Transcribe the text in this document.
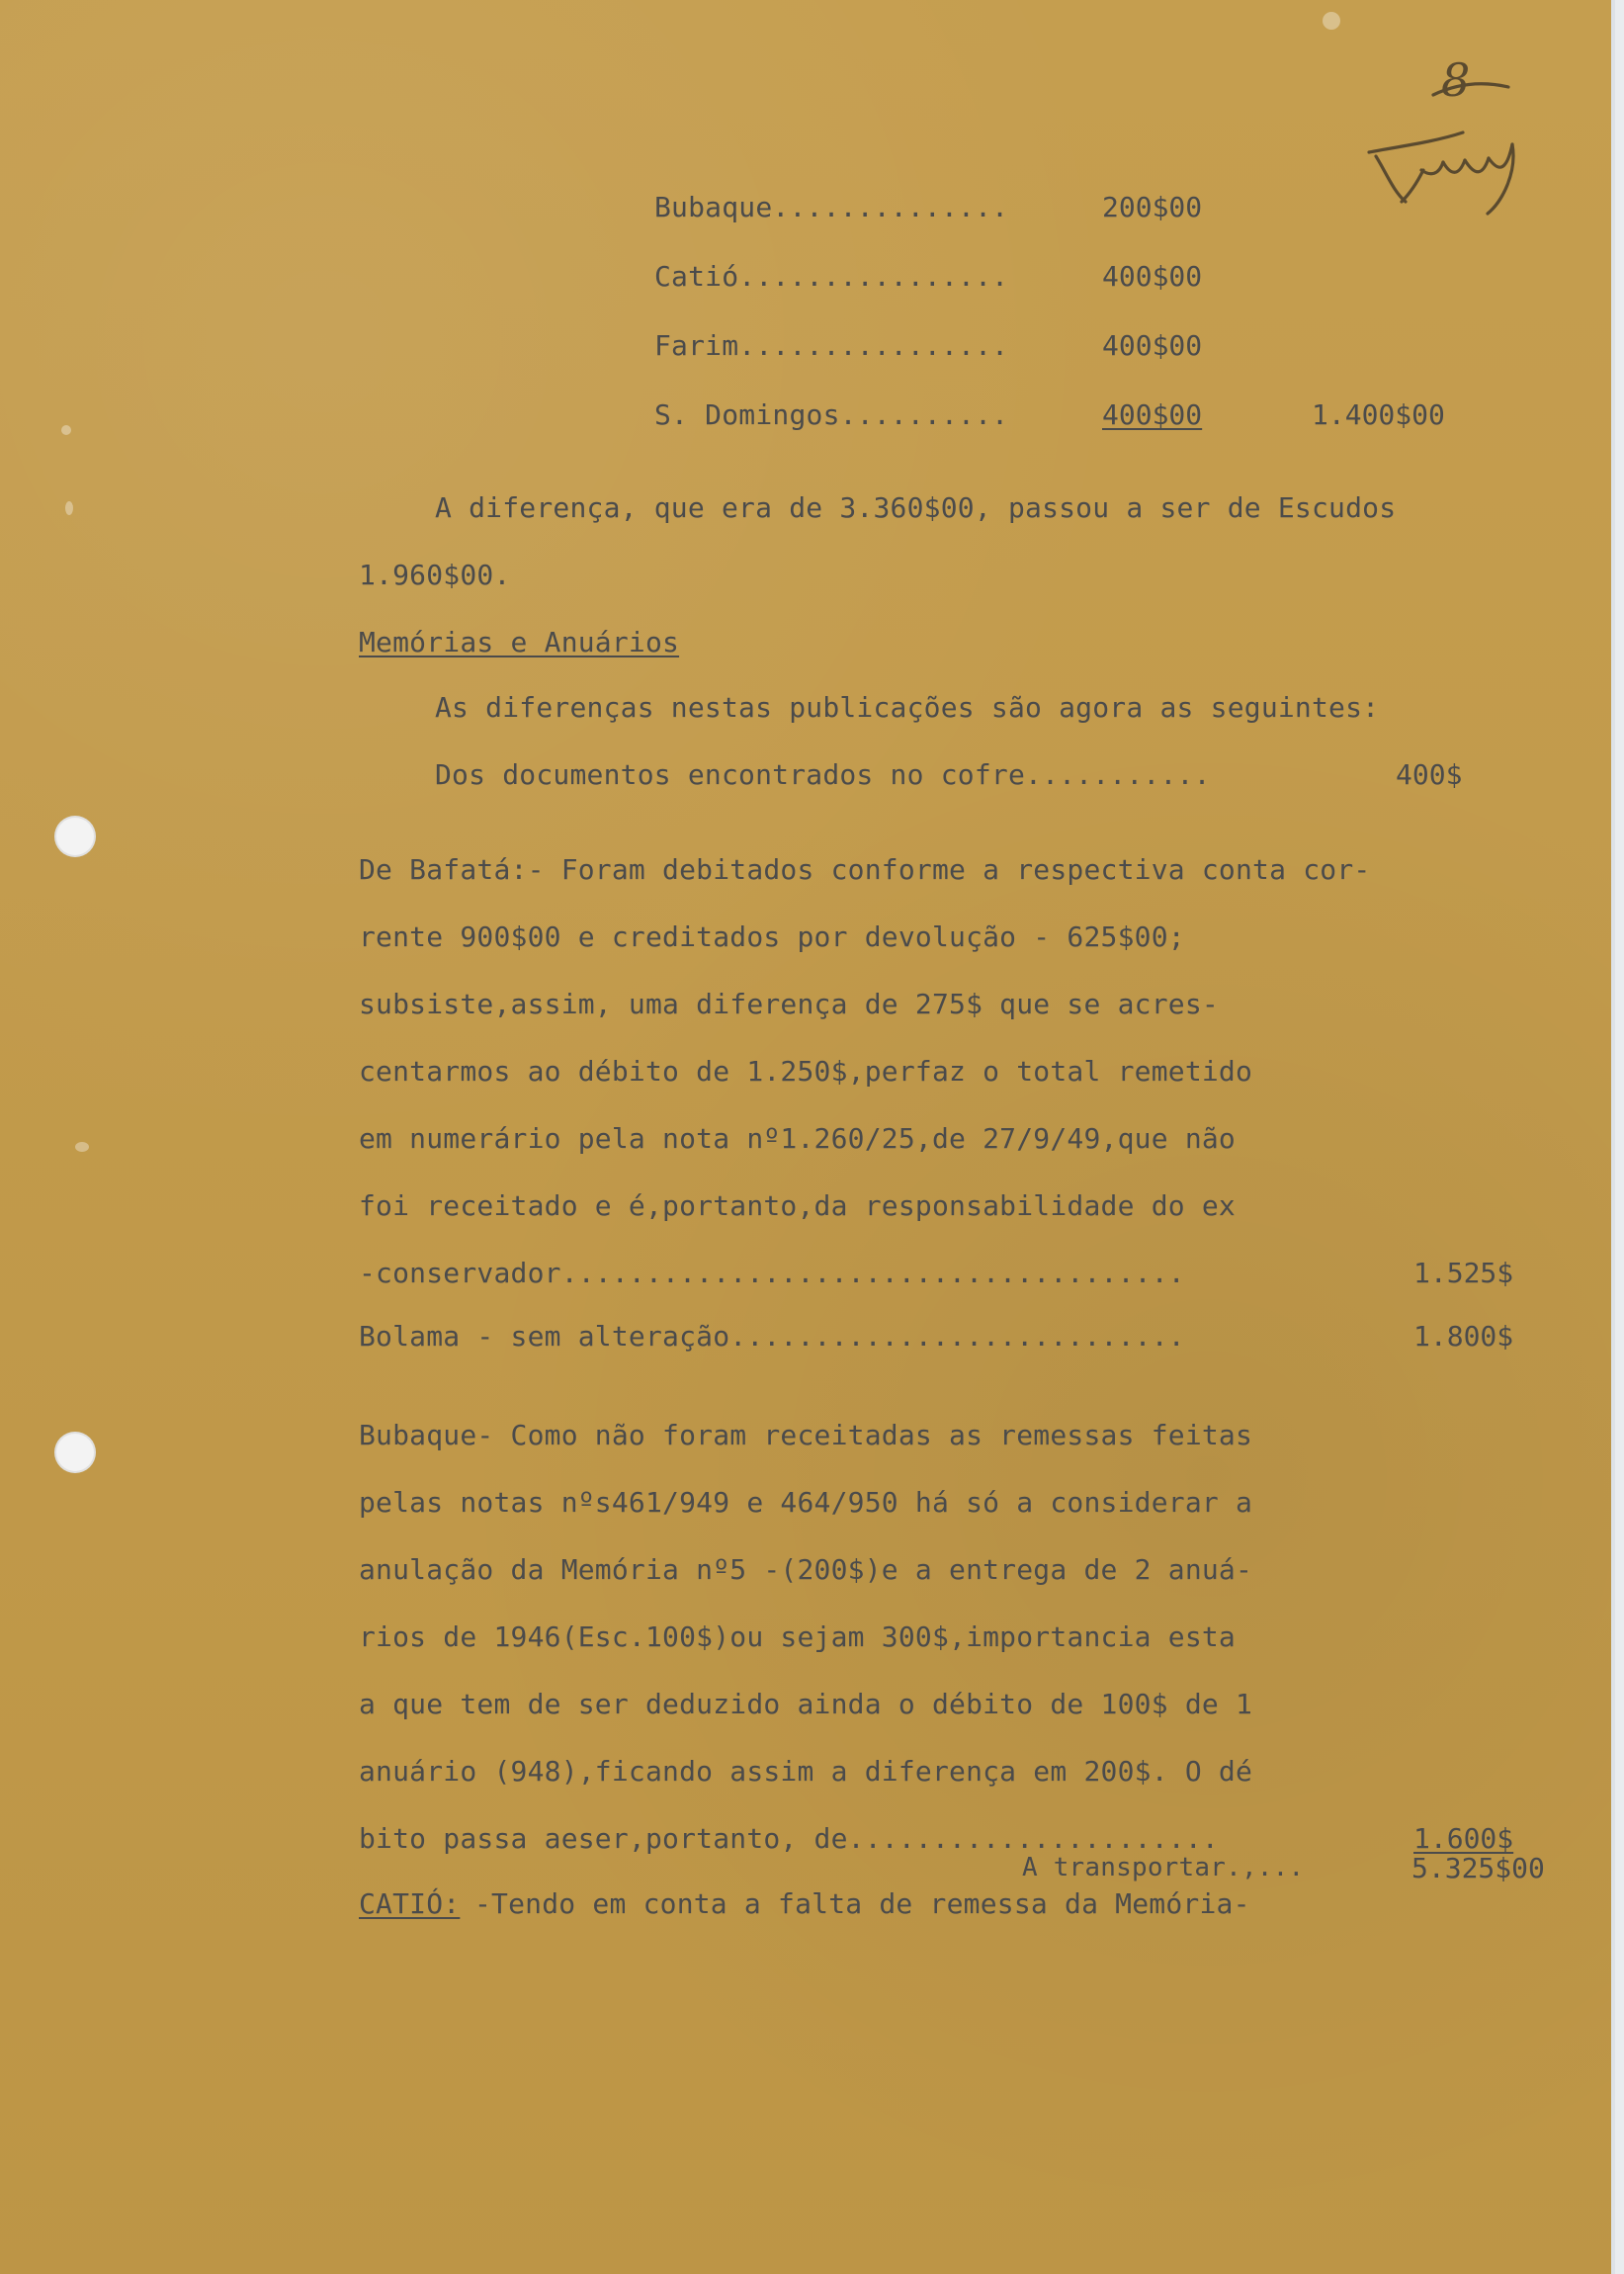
8
Bubaque..............	200$00
Catió................	400$00
Farim................	400$00
S. Domingos..........	400$00	1.400$00
A diferença, que era de 3.360$00, passou a ser de Escudos
1.960$00.
Memórias e Anuários
As diferenças nestas publicações são agora as seguintes:
Dos documentos encontrados no cofre...........	400$
De Bafatá:- Foram debitados conforme a respectiva conta cor-
rente 900$00 e creditados por devolução - 625$00;
subsiste,assim, uma diferença de 275$ que se acres-
centarmos ao débito de 1.250$,perfaz o total remetido
em numerário pela nota nº1.260/25,de 27/9/49,que não
foi receitado e é,portanto,da responsabilidade do ex
-conservador.....................................	1.525$
Bolama - sem alteração...........................	1.800$
Bubaque- Como não foram receitadas as remessas feitas
pelas notas nºs461/949 e 464/950 há só a considerar a
anulação da Memória nº5 -(200$)e a entrega de 2 anuá-
rios de 1946(Esc.100$)ou sejam 300$,importancia esta
a que tem de ser deduzido ainda o débito de 100$ de 1
anuário (948),ficando assim a diferença em 200$. O dé
bito passa aeser,portanto, de......................	1.600$
A transportar.,...	5.325$00
CATIÓ: -Tendo em conta a falta de remessa da Memória-
